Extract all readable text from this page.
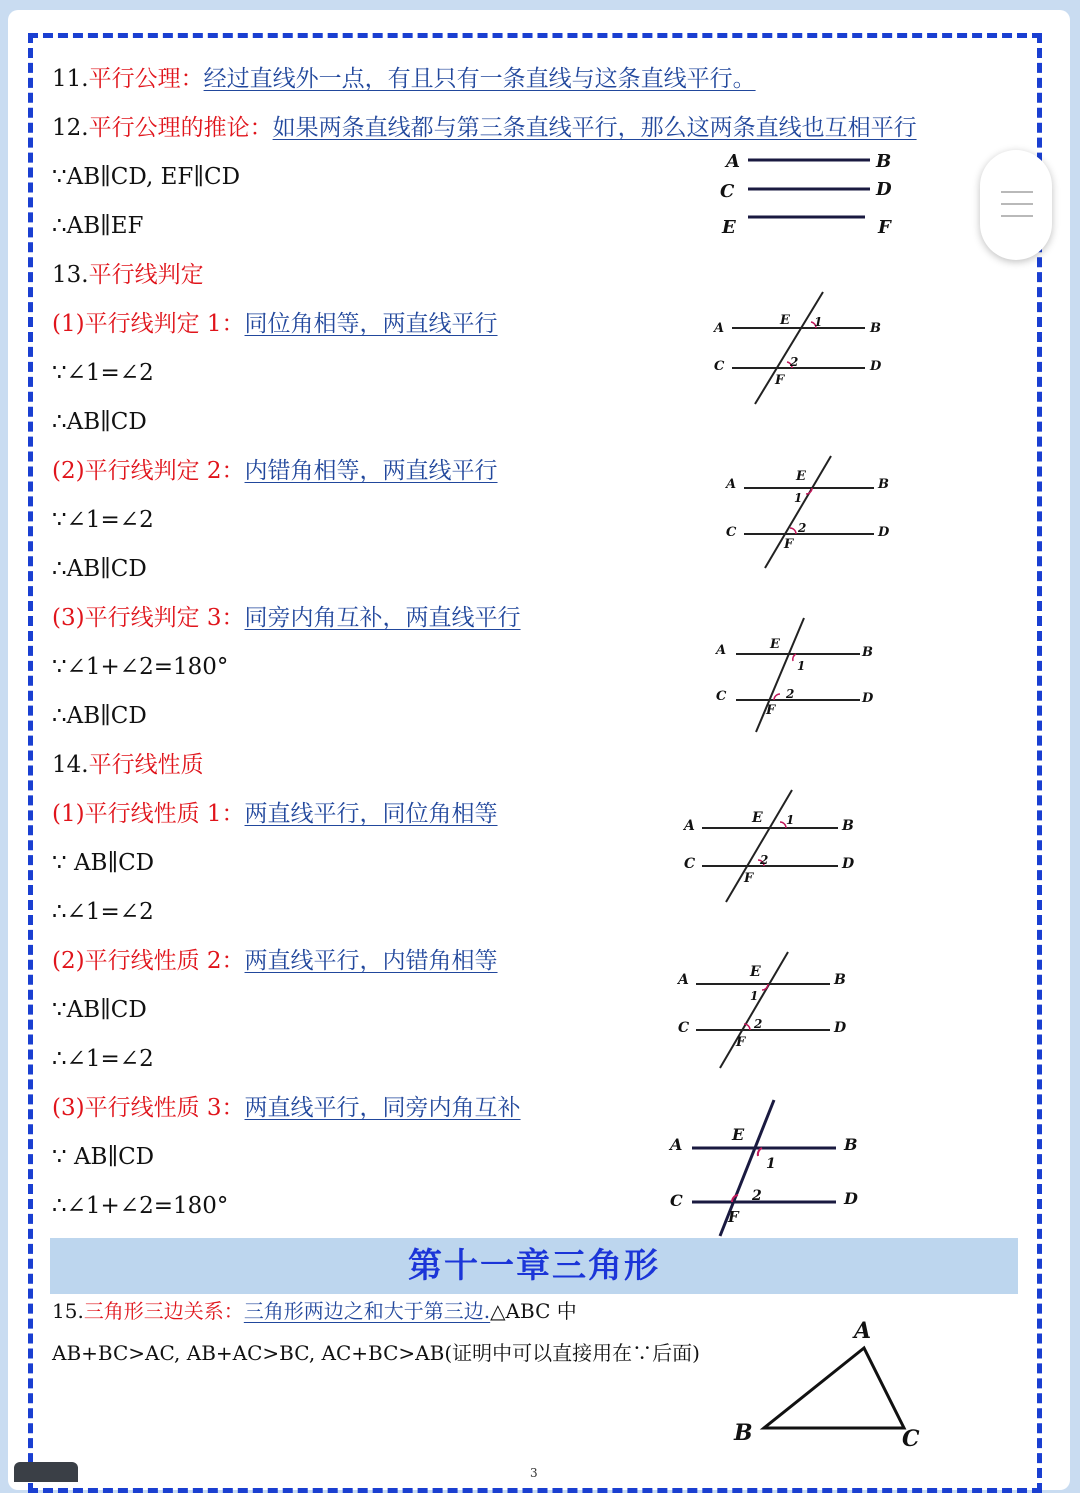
11.平行公理：经过直线外一点，有且只有一条直线与这条直线平行。
12.平行公理的推论：如果两条直线都与第三条直线平行，那么这两条直线也互相平行
∵AB∥CD, EF∥CD
∴AB∥EF
13.平行线判定
(1)平行线判定 1：同位角相等，两直线平行
∵∠1=∠2
∴AB∥CD
(2)平行线判定 2：内错角相等，两直线平行
∵∠1=∠2
∴AB∥CD
(3)平行线判定 3：同旁内角互补，两直线平行
∵∠1+∠2=180°
∴AB∥CD
14.平行线性质
(1)平行线性质 1：两直线平行，同位角相等
∵ AB∥CD
∴∠1=∠2
(2)平行线性质 2：两直线平行，内错角相等
∵AB∥CD
∴∠1=∠2
(3)平行线性质 3：两直线平行，同旁内角互补
∵ AB∥CD
∴∠1+∠2=180°
第十一章三角形
15.三角形三边关系：三角形两边之和大于第三边.△ABC 中
AB+BC>AC, AB+AC>BC, AC+BC>AB(证明中可以直接用在∵后面)
A	B
C	D
E	F
A	B
C	D
E
F
1
2
A	B
C	D
E
F
1
2
A	B
C	D
E
F
1
2
A	B
C	D
E
F
1
2
A	B
C	D
E
F
1
2
A	B
C	D
E
F
1
2
A
B	C
3
